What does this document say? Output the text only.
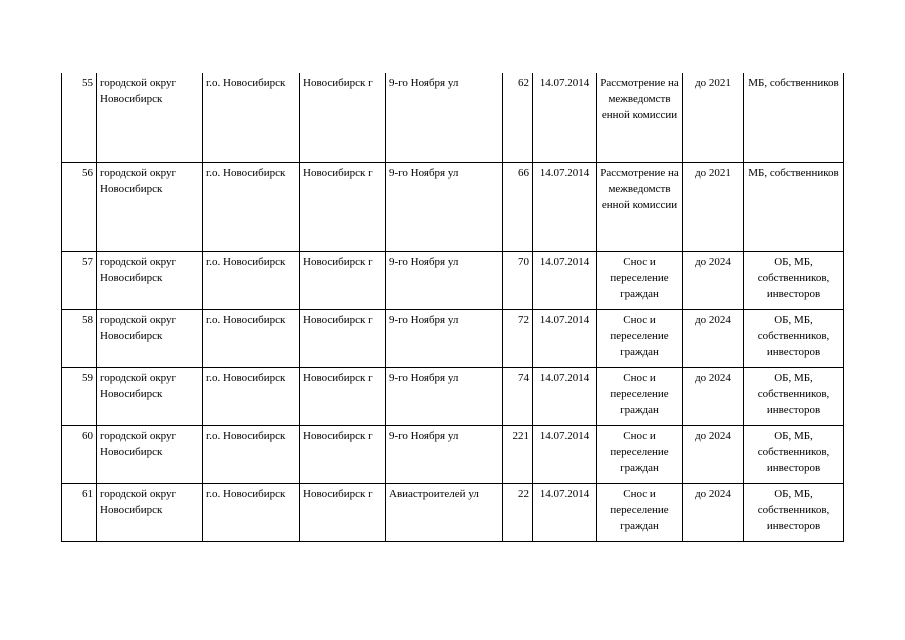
55	городской округ Новосибирск	г.о. Новосибирск	Новосибирск г	9-го Ноября ул	62	14.07.2014	Рассмотрение на межведомств енной комиссии	до 2021	МБ, собственников
56	городской округ Новосибирск	г.о. Новосибирск	Новосибирск г	9-го Ноября ул	66	14.07.2014	Рассмотрение на межведомств енной комиссии	до 2021	МБ, собственников
57	городской округ Новосибирск	г.о. Новосибирск	Новосибирск г	9-го Ноября ул	70	14.07.2014	Снос и переселение граждан	до 2024	ОБ, МБ, собственников, инвесторов
58	городской округ Новосибирск	г.о. Новосибирск	Новосибирск г	9-го Ноября ул	72	14.07.2014	Снос и переселение граждан	до 2024	ОБ, МБ, собственников, инвесторов
59	городской округ Новосибирск	г.о. Новосибирск	Новосибирск г	9-го Ноября ул	74	14.07.2014	Снос и переселение граждан	до 2024	ОБ, МБ, собственников, инвесторов
60	городской округ Новосибирск	г.о. Новосибирск	Новосибирск г	9-го Ноября ул	221	14.07.2014	Снос и переселение граждан	до 2024	ОБ, МБ, собственников, инвесторов
61	городской округ Новосибирск	г.о. Новосибирск	Новосибирск г	Авиастроителей ул	22	14.07.2014	Снос и переселение граждан	до 2024	ОБ, МБ, собственников, инвесторов
